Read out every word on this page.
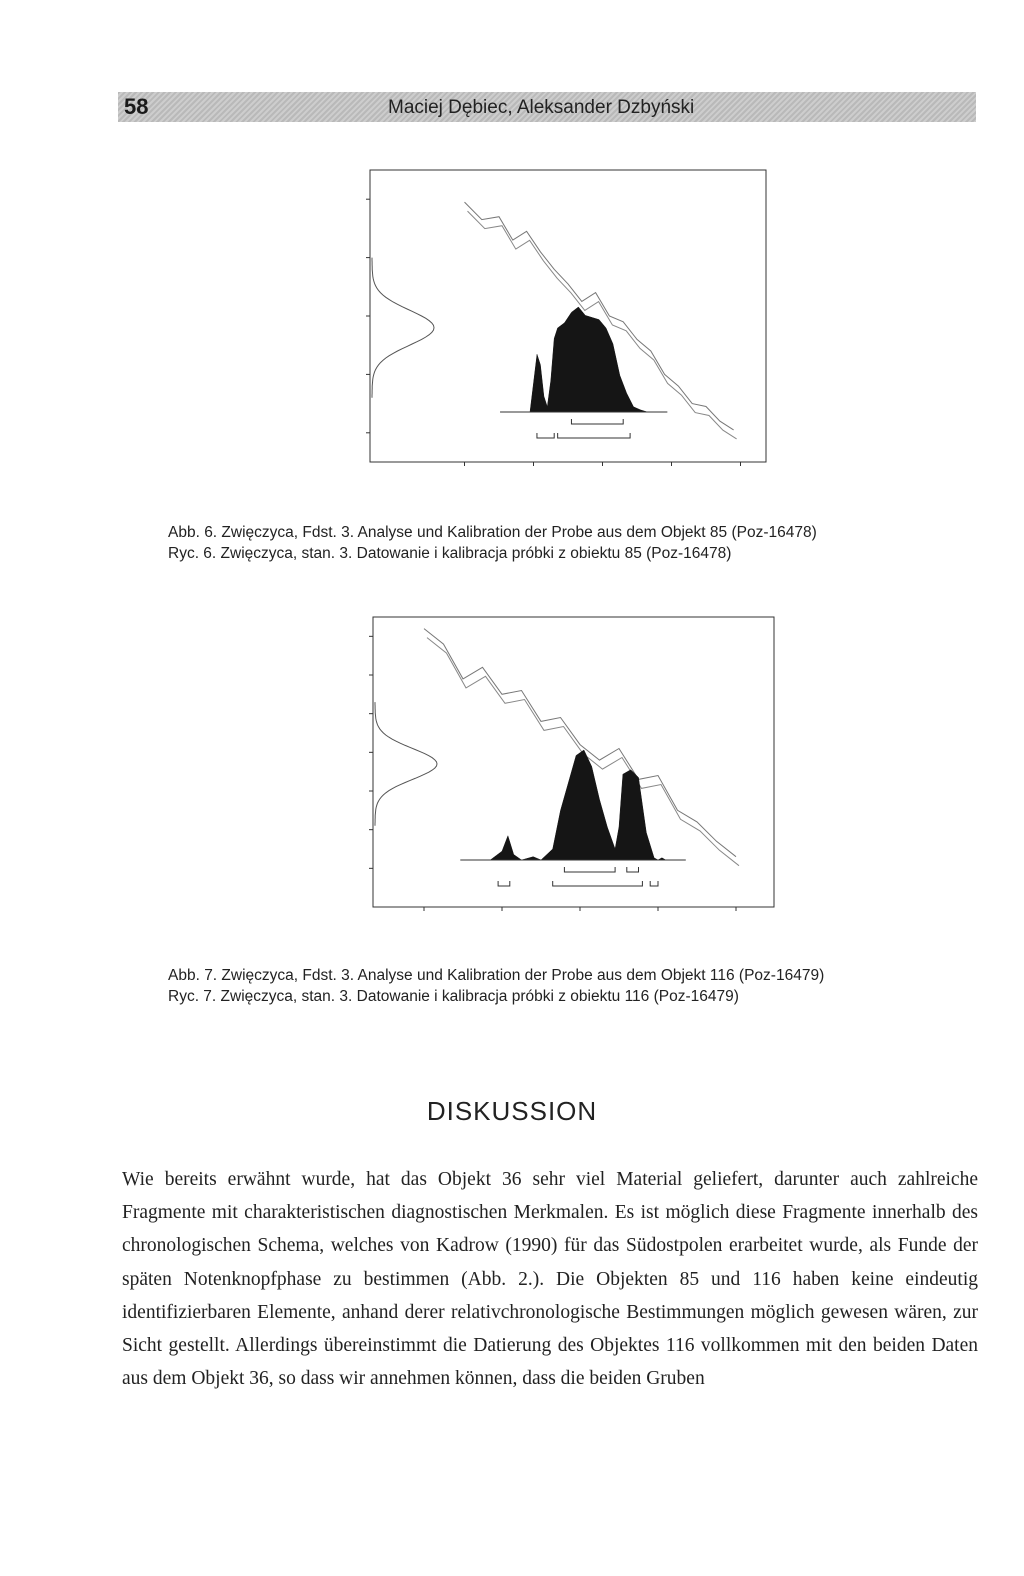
58	Maciej Dębiec, Aleksander Dzbyński
Abb. 6. Zwięczyca, Fdst. 3. Analyse und Kalibration der Probe aus dem Objekt 85 (Poz-16478)
Ryc. 6. Zwięczyca, stan. 3. Datowanie i kalibracja próbki z obiektu 85 (Poz-16478)
Abb. 7. Zwięczyca, Fdst. 3. Analyse und Kalibration der Probe aus dem Objekt 116 (Poz-16479)
Ryc. 7. Zwięczyca, stan. 3. Datowanie i kalibracja próbki z obiektu 116 (Poz-16479)
DISKUSSION

Wie bereits erwähnt wurde, hat das Objekt 36 sehr viel Material geliefert, darunter auch zahlreiche Fragmente mit charakteristischen diagnostischen Merkmalen. Es ist möglich diese Fragmente innerhalb des chronologischen Schema, welches von Kadrow (1990) für das Südostpolen erarbeitet wurde, als Funde der späten Notenknopfphase zu bestimmen (Abb. 2.). Die Objekten 85 und 116 haben keine eindeutig identifizierbaren Elemente, anhand derer relativchronologische Bestimmungen möglich gewesen wären, zur Sicht gestellt. Allerdings übereinstimmt die Datierung des Objektes 116 vollkommen mit den beiden Daten aus dem Objekt 36, so dass wir annehmen können, dass die beiden Gruben
